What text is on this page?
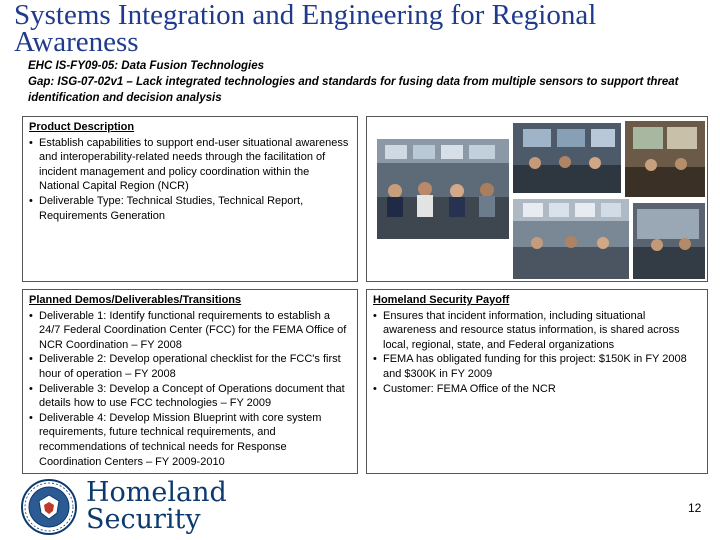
Systems Integration and Engineering for Regional Awareness
EHC IS-FY09-05: Data Fusion Technologies
Gap: ISG-07-02v1 – Lack integrated technologies and standards for fusing data from multiple sensors to support threat identification and decision analysis
Product Description
• Establish capabilities to support end-user situational awareness and interoperability-related needs through the facilitation of incident management and policy coordination within the National Capital Region (NCR)
• Deliverable Type: Technical Studies, Technical Report, Requirements Generation
Planned Demos/Deliverables/Transitions
• Deliverable 1: Identify functional requirements to establish a 24/7 Federal Coordination Center (FCC) for the FEMA Office of NCR Coordination – FY 2008
• Deliverable 2: Develop operational checklist for the FCC's first hour of operation – FY 2008
• Deliverable 3: Develop a Concept of Operations document that details how to use FCC technologies – FY 2009
• Deliverable 4: Develop Mission Blueprint with core system requirements, future technical requirements, and recommendations of technical needs for Response Coordination Centers – FY 2009-2010
Homeland Security Payoff
• Ensures that incident information, including situational awareness and resource status information, is shared across local, regional, state, and Federal organizations
• FEMA has obligated funding for this project: $150K in FY 2008 and $300K in FY 2009
• Customer: FEMA Office of the NCR
Homeland
Security	12
